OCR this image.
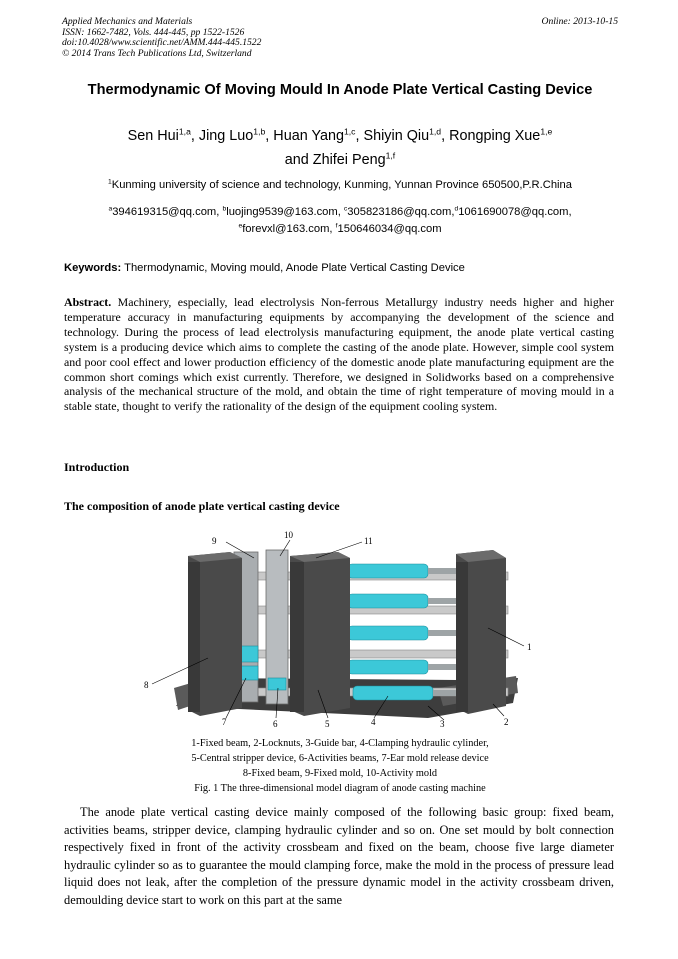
Applied Mechanics and Materials
ISSN: 1662-7482, Vols. 444-445, pp 1522-1526
doi:10.4028/www.scientific.net/AMM.444-445.1522
© 2014 Trans Tech Publications Ltd, Switzerland
Online: 2013-10-15
Thermodynamic Of Moving Mould In Anode Plate Vertical Casting Device
Sen Hui$^{1,a}$, Jing Luo$^{1,b}$, Huan Yang$^{1,c}$, Shiyin Qiu$^{1,d}$, Rongping Xue$^{1,e}$
and Zhifei Peng$^{1,f}$
$^1$Kunming university of science and technology, Kunming, Yunnan Province 650500,P.R.China
$^a$394619315@qq.com, $^b$luojing9539@163.com, $^c$305823186@qq.com,$^d$1061690078@qq.com,
$^e$forevxl@163.com, $^f$150646034@qq.com
Keywords: Thermodynamic, Moving mould, Anode Plate Vertical Casting Device
Abstract. Machinery, especially, lead electrolysis Non-ferrous Metallurgy industry needs higher and higher temperature accuracy in manufacturing equipments by accompanying the development of the science and technology. During the process of lead electrolysis manufacturing equipment, the anode plate vertical casting system is a producing device which aims to complete the casting of the anode plate. However, simple cool system and poor cool effect and lower production efficiency of the domestic anode plate manufacturing equipment are the common short comings which exist currently. Therefore, we designed in Solidworks based on a comprehensive analysis of the mechanical structure of the mold, and obtain the time of right temperature of moving mould in a stable state, thought to verify the rationality of the design of the equipment cooling system.
Introduction
The composition of anode plate vertical casting device
1
2
3
4
5
6
7
8
9
10
11
1-Fixed beam, 2-Locknuts, 3-Guide bar, 4-Clamping hydraulic cylinder,
5-Central stripper device, 6-Activities beams, 7-Ear mold release device
8-Fixed beam, 9-Fixed mold, 10-Activity mold
Fig. 1 The three-dimensional model diagram of anode casting machine
The anode plate vertical casting device mainly composed of the following basic group: fixed beam, activities beams, stripper device, clamping hydraulic cylinder and so on. One set mould by bolt connection respectively fixed in front of the activity crossbeam and fixed on the beam, choose five large diameter hydraulic cylinder so as to guarantee the mould clamping force, make the mold in the process of pressure lead liquid does not leak, after the completion of the pressure dynamic model in the activity crossbeam driven, demoulding device start to work on this part at the same
